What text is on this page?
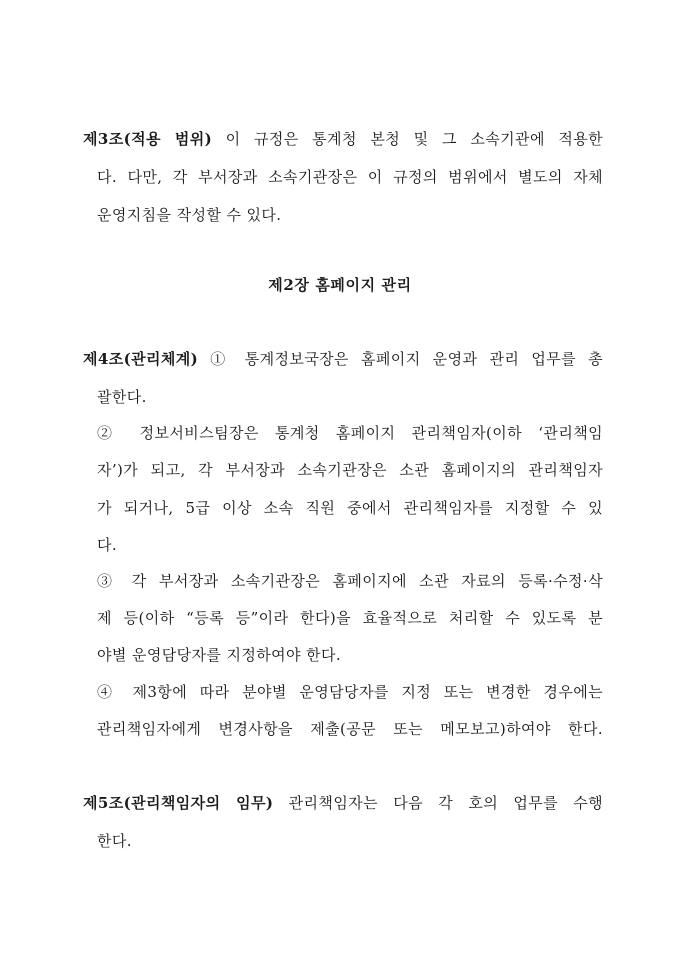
제3조(적용 범위) 이 규정은 통계청 본청 및 그 소속기관에 적용한
다. 다만, 각 부서장과 소속기관장은 이 규정의 범위에서 별도의 자체
운영지침을 작성할 수 있다.
제2장 홈페이지 관리
제4조(관리체계) ① 통계정보국장은 홈페이지 운영과 관리 업무를 총
괄한다.
② 정보서비스팀장은 통계청 홈페이지 관리책임자(이하 ‘관리책임
자’)가 되고, 각 부서장과 소속기관장은 소관 홈페이지의 관리책임자
가 되거나, 5급 이상 소속 직원 중에서 관리책임자를 지정할 수 있
다.
③ 각 부서장과 소속기관장은 홈페이지에 소관 자료의 등록·수정·삭
제 등(이하 “등록 등”이라 한다)을 효율적으로 처리할 수 있도록 분
야별 운영담당자를 지정하여야 한다.
④ 제3항에 따라 분야별 운영담당자를 지정 또는 변경한 경우에는
관리책임자에게 변경사항을 제출(공문 또는 메모보고)하여야 한다.
제5조(관리책임자의 임무) 관리책임자는 다음 각 호의 업무를 수행
한다.
